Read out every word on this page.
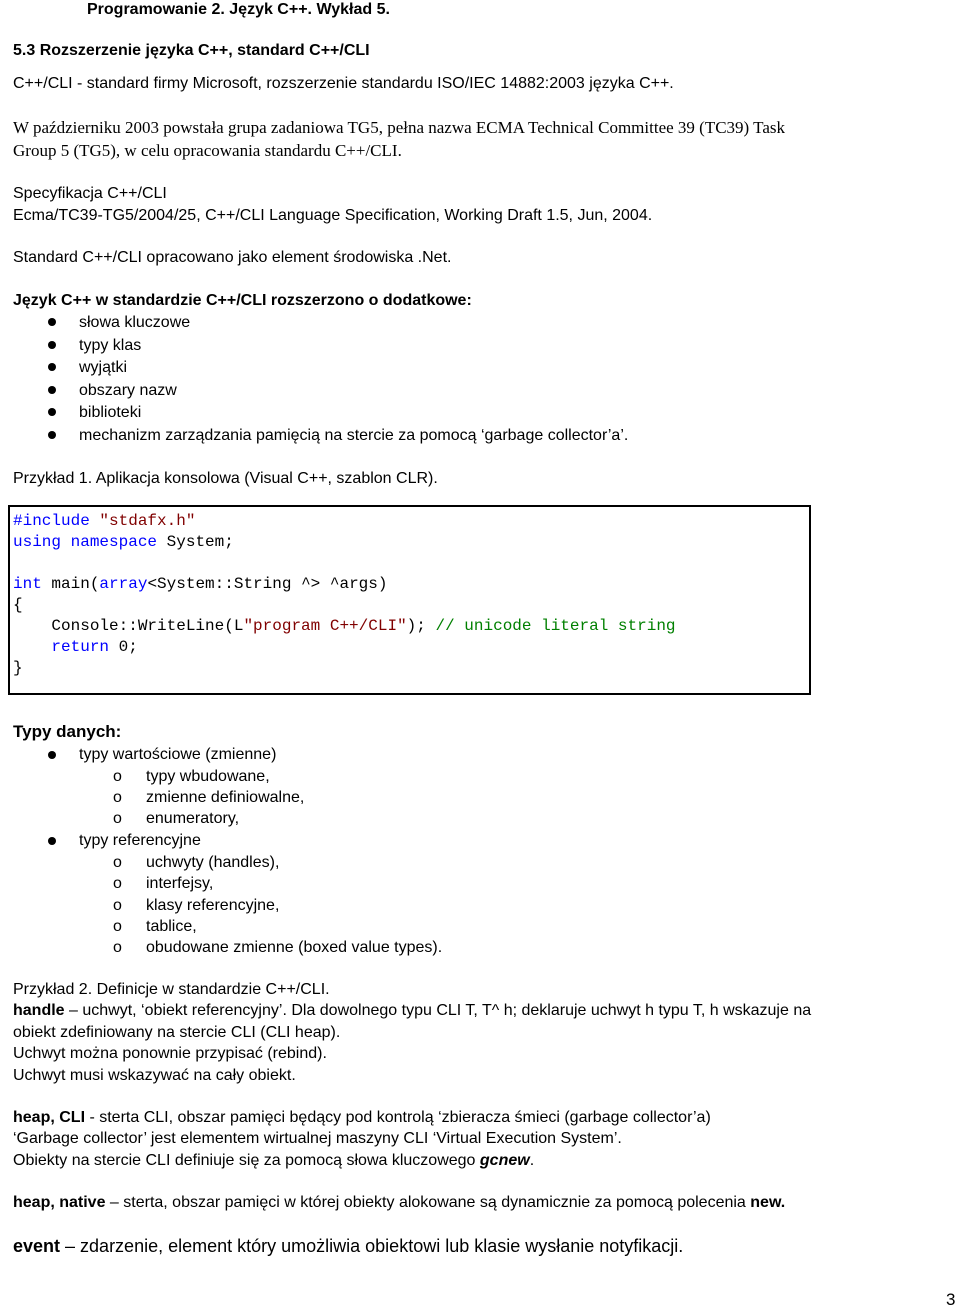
Programowanie 2. Język C++. Wykład 5.
5.3 Rozszerzenie języka C++, standard C++/CLI
C++/CLI - standard firmy Microsoft, rozszerzenie standardu ISO/IEC 14882:2003 języka C++.
W październiku 2003 powstała grupa zadaniowa TG5, pełna nazwa ECMA Technical Committee 39 (TC39) Task
Group 5 (TG5), w celu opracowania standardu C++/CLI.
Specyfikacja C++/CLI
Ecma/TC39-TG5/2004/25, C++/CLI Language Specification, Working Draft 1.5, Jun, 2004.
Standard C++/CLI opracowano jako element środowiska .Net.
Język C++ w standardzie C++/CLI rozszerzono o dodatkowe:
słowa kluczowe
typy klas
wyjątki
obszary nazw
biblioteki
mechanizm zarządzania pamięcią na stercie za pomocą ‘garbage collector’a’.
Przykład 1. Aplikacja konsolowa (Visual C++, szablon CLR).
#include "stdafx.h"
using namespace System;
int main(array<System::String ^> ^args)
{
Console::WriteLine(L"program C++/CLI"); // unicode literal string
return 0;
}
Typy danych:
typy wartościowe (zmienne)
o typy wbudowane,
o zmienne definiowalne,
o enumeratory,
typy referencyjne
o uchwyty (handles),
o interfejsy,
o klasy referencyjne,
o tablice,
o obudowane zmienne (boxed value types).
Przykład 2. Definicje w standardzie C++/CLI.
handle – uchwyt, ‘obiekt referencyjny’. Dla dowolnego typu CLI T, T^ h; deklaruje uchwyt h typu T, h wskazuje na
obiekt zdefiniowany na stercie CLI (CLI heap).
Uchwyt można ponownie przypisać (rebind).
Uchwyt musi wskazywać na cały obiekt.
heap, CLI - sterta CLI, obszar pamięci będący pod kontrolą ‘zbieracza śmieci (garbage collector’a)
‘Garbage collector’ jest elementem wirtualnej maszyny CLI ‘Virtual Execution System’.
Obiekty na stercie CLI definiuje się za pomocą słowa kluczowego gcnew.
heap, native – sterta, obszar pamięci w której obiekty alokowane są dynamicznie za pomocą polecenia new.
event – zdarzenie, element który umożliwia obiektowi lub klasie wysłanie notyfikacji.
3
